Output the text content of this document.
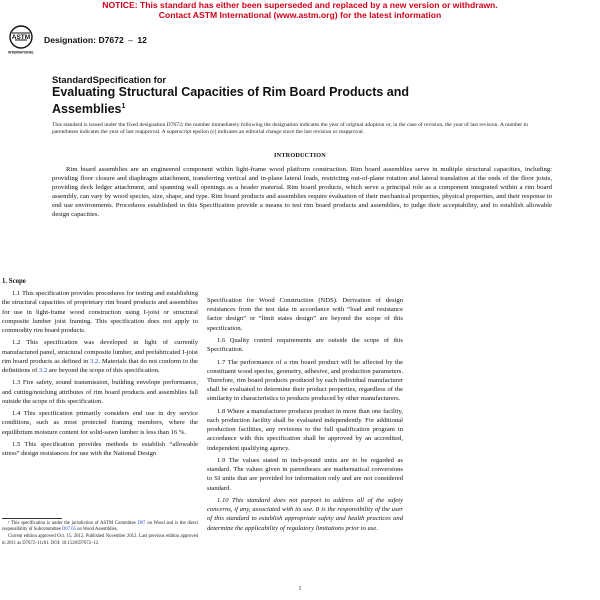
NOTICE: This standard has either been superseded and replaced by a new version or withdrawn.
Contact ASTM International (www.astm.org) for the latest information
ASTM
INTERNATIONAL
Designation: D7672 – 12
StandardSpecification for
Evaluating Structural Capacities of Rim Board Products and
Assemblies$^1$
This standard is issued under the fixed designation D7672; the number immediately following the designation indicates the year of original adoption or, in the case of revision, the year of last revision. A number in parentheses indicates the year of last reapproval. A superscript epsilon (ε) indicates an editorial change since the last revision or reapproval.
INTRODUCTION
Rim board assemblies are an engineered component within light-frame wood platform construction. Rim board assemblies serve in multiple structural capacities, including: providing floor closure and diaphragm attachment, transferring vertical and in-plane lateral loads, restricting out-of-plane rotation and lateral translation at the ends of the floor joists, providing deck ledger attachment, and spanning wall openings as a header material. Rim board products, which serve a principal role as a component integrated within a rim board assembly, can vary by wood species, size, shape, and type. Rim board products and assemblies require evaluation of their mechanical properties, physical properties, and their response to end use environments. Procedures established in this Specification provide a means to test rim board products and assemblies, to judge their acceptability, and to establish allowable design capacities.
1. Scope

1.1 This specification provides procedures for testing and establishing the structural capacities of proprietary rim board products and assemblies for use in light-frame wood construction using I-joist or structural composite lumber joist framing. This specification does not apply to commodity rim board products.

1.2 This specification was developed in light of currently manufactured panel, structural composite lumber, and prefabricated I-joist rim board products as defined in 3.2. Materials that do not conform to the definitions of 3.2 are beyond the scope of this specification.

1.3 Fire safety, sound transmission, building envelope performance, and cutting/notching attributes of rim board products and assemblies fall outside the scope of this specification.

1.4 This specification primarily considers end use in dry service conditions, such as most protected framing members, where the equilibrium moisture content for solid-sawn lumber is less than 16 %.

1.5 This specification provides methods to establish “allowable stress” design resistances for use with the National Design

Specification for Wood Construction (NDS). Derivation of design resistances from the test data in accordance with “load and resistance factor design” or “limit states design” are beyond the scope of this specification.

1.6 Quality control requirements are outside the scope of this Specification.

1.7 The performance of a rim board product will be affected by the constituent wood species, geometry, adhesive, and production parameters. Therefore, rim board products produced by each individual manufacturer shall be evaluated to determine their product properties, regardless of the similarity in characteristics to products produced by other manufacturers.

1.8 Where a manufacturer produces product in more than one facility, each production facility shall be evaluated independently. For additional production facilities, any revisions to the full qualification program in accordance with this specification shall be approved by an accredited, independent qualifying agency.

1.9 The values stated in inch-pound units are to be regarded as standard. The values given in parentheses are mathematical conversions to SI units that are provided for information only and are not considered standard.

1.10 This standard does not purport to address all of the safety concerns, if any, associated with its use. It is the responsibility of the user of this standard to establish appropriate safety and health practices and determine the applicability of regulatory limitations prior to use.

¹ This specification is under the jurisdiction of ASTM Committee D07 on Wood and is the direct responsibility of Subcommittee D07.05 on Wood Assemblies.

Current edition approved Oct. 15, 2012. Published November 2012. Last previous edition approved in 2011 as D7672–11ɛ01. DOI: 10.1520/D7672–12.

1
